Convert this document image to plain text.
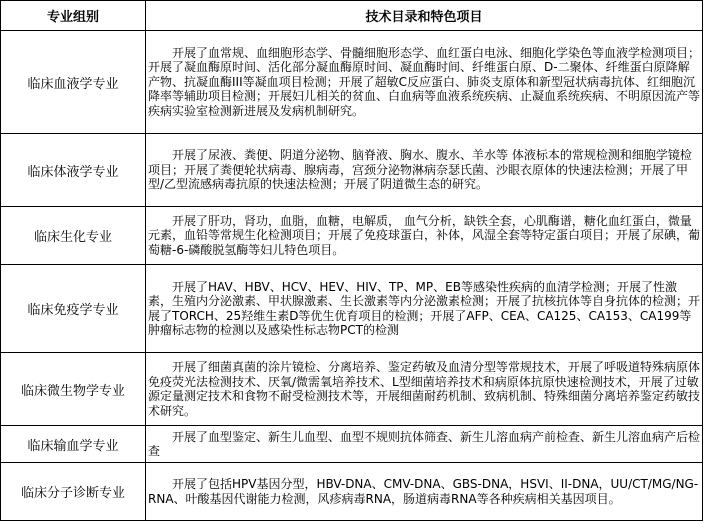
专业组别	技术目录和特色项目
临床血液学专业	开展了血常规、血细胞形态学、骨髓细胞形态学、血红蛋白电泳、细胞化学染色等血液学检测项目；开展了凝血酶原时间、活化部分凝血酶原时间、凝血酶时间、纤维蛋白原、D-二聚体、纤维蛋白原降解产物、抗凝血酶III等凝血项目检测；开展了超敏C反应蛋白、肺炎支原体和新型冠状病毒抗体、红细胞沉降率等辅助项目检测；开展妇儿相关的贫血、白血病等血液系统疾病、止凝血系统疾病、不明原因流产等疾病实验室检测新进展及发病机制研究。
临床体液学专业	开展了尿液、粪便、阴道分泌物、脑脊液、胸水、腹水、羊水等 体液标本的常规检测和细胞学镜检项目；开展了粪便轮状病毒、腺病毒，宫颈分泌物淋病奈瑟氏菌、沙眼衣原体的快速法检测；开展了甲型/乙型流感病毒抗原的快速法检测；开展了阴道微生态的研究。
临床生化专业	开展了肝功，肾功，血脂，血糖，电解质， 血气分析，缺铁全套，心肌酶谱，糖化血红蛋白，微量元素，血铅等常规生化检测项目；开展了免疫球蛋白，补体，风湿全套等特定蛋白项目；开展了尿碘，葡萄糖-6-磷酸脱氢酶等妇儿特色项目。
临床免疫学专业	开展了HAV、HBV、HCV、HEV、HIV、TP、MP、EB等感染性疾病的血清学检测；开展了性激素，生殖内分泌激素、甲状腺激素、生长激素等内分泌激素检测；开展了抗核抗体等自身抗体的检测；开展了TORCH、25羟维生素D等优生优育项目的检测；开展了AFP、CEA、CA125、CA153、CA199等肿瘤标志物的检测以及感染性标志物PCT的检测
临床微生物学专业	开展了细菌真菌的涂片镜检、分离培养、鉴定药敏及血清分型等常规技术，开展了呼吸道特殊病原体免疫荧光法检测技术、厌氧/微需氧培养技术、L型细菌培养技术和病原体抗原快速检测技术，开展了过敏源定量测定技术和食物不耐受检测技术等，开展细菌耐药机制、致病机制、特殊细菌分离培养鉴定药敏技术研究。
临床输血学专业	开展了血型鉴定、新生儿血型、血型不规则抗体筛查、新生儿溶血病产前检查、新生儿溶血病产后检查
临床分子诊断专业	开展了包括HPV基因分型，HBV-DNA、CMV-DNA、GBS-DNA，HSVI、II-DNA，UU/CT/MG/NG-RNA、叶酸基因代谢能力检测，风疹病毒RNA，肠道病毒RNA等各种疾病相关基因项目。
